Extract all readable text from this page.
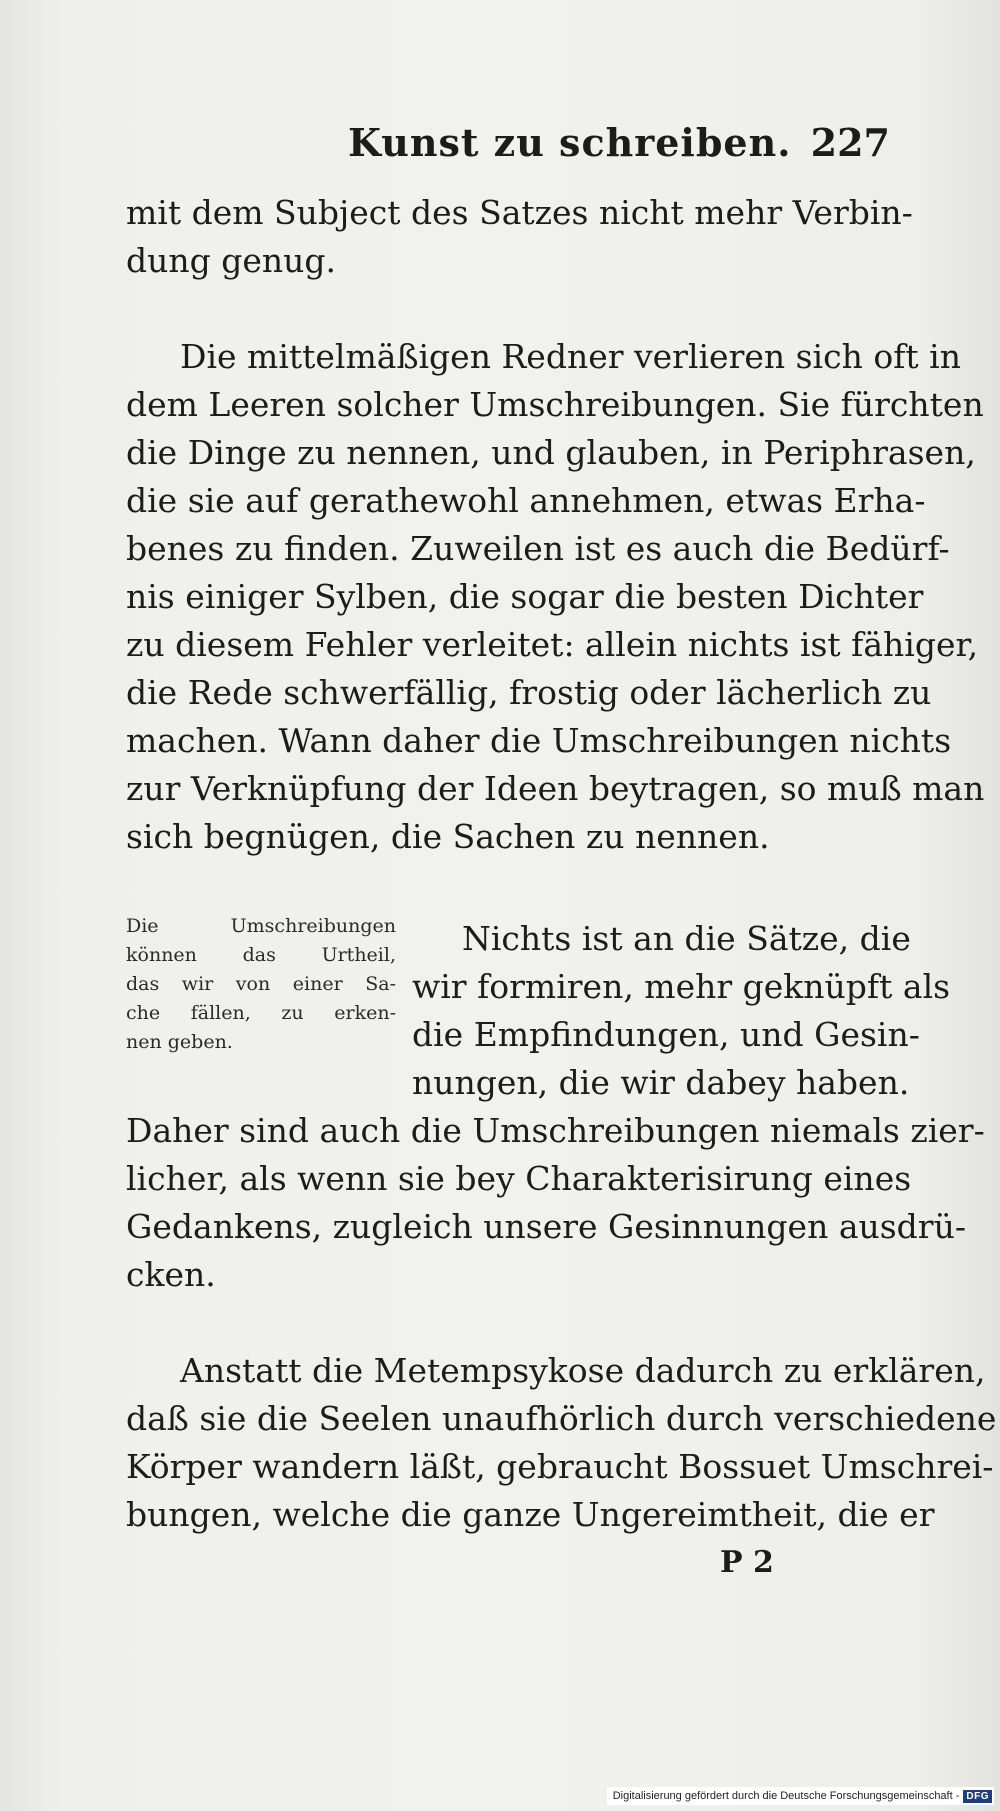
Kunst zu schreiben. 227
mit dem Subject des Satzes nicht mehr Verbin-
dung genug.
Die mittelmäßigen Redner verlieren sich oft in
dem Leeren solcher Umschreibungen. Sie fürchten
die Dinge zu nennen, und glauben, in Periphrasen,
die sie auf gerathewohl annehmen, etwas Erha-
benes zu finden. Zuweilen ist es auch die Bedürf-
nis einiger Sylben, die sogar die besten Dichter
zu diesem Fehler verleitet: allein nichts ist fähiger,
die Rede schwerfällig, frostig oder lächerlich zu
machen. Wann daher die Umschreibungen nichts
zur Verknüpfung der Ideen beytragen, so muß man
sich begnügen, die Sachen zu nennen.
Die Umschreibungen
können das Urtheil,
das wir von einer Sa-
che fällen, zu erken-
nen geben.
Nichts ist an die Sätze, die
wir formiren, mehr geknüpft als
die Empfindungen, und Gesin-
nungen, die wir dabey haben.
Daher sind auch die Umschreibungen niemals zier-
licher, als wenn sie bey Charakterisirung eines
Gedankens, zugleich unsere Gesinnungen ausdrü-
cken.
Anstatt die Metempsykose dadurch zu erklären,
daß sie die Seelen unaufhörlich durch verschiedene
Körper wandern läßt, gebraucht Bossuet Umschrei-
bungen, welche die ganze Ungereimtheit, die er
P 2
Digitalisierung gefördert durch die Deutsche Forschungsgemeinschaft - DFG
